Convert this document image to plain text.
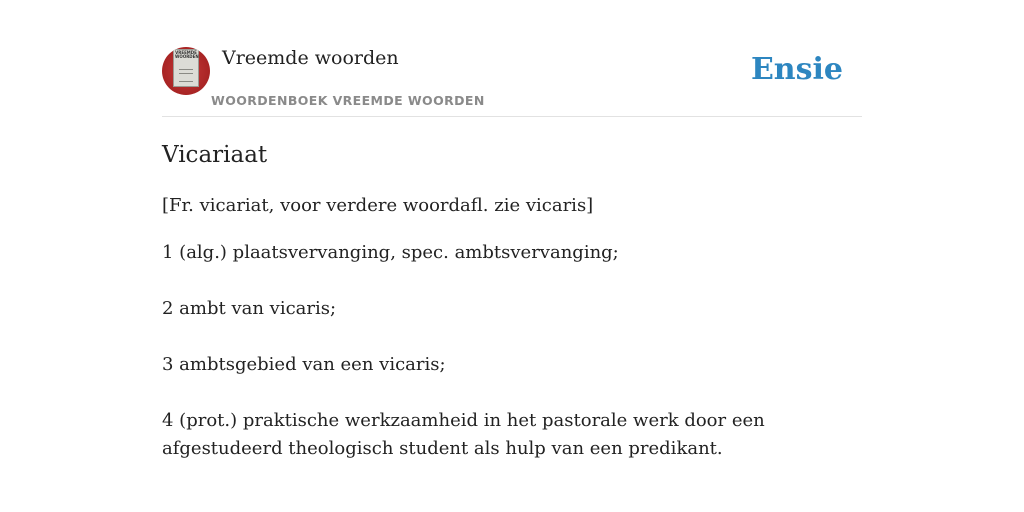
VREEMDE
WOORDEN Vreemde woorden
WOORDENBOEK VREEMDE WOORDEN
Ensie
Vicariaat

[Fr. vicariat, voor verdere woordafl. zie vicaris]

1 (alg.) plaatsvervanging, spec. ambtsvervanging;

2 ambt van vicaris;

3 ambtsgebied van een vicaris;

4 (prot.) praktische werkzaamheid in het pastorale werk door een afgestudeerd theologisch student als hulp van een predikant.
